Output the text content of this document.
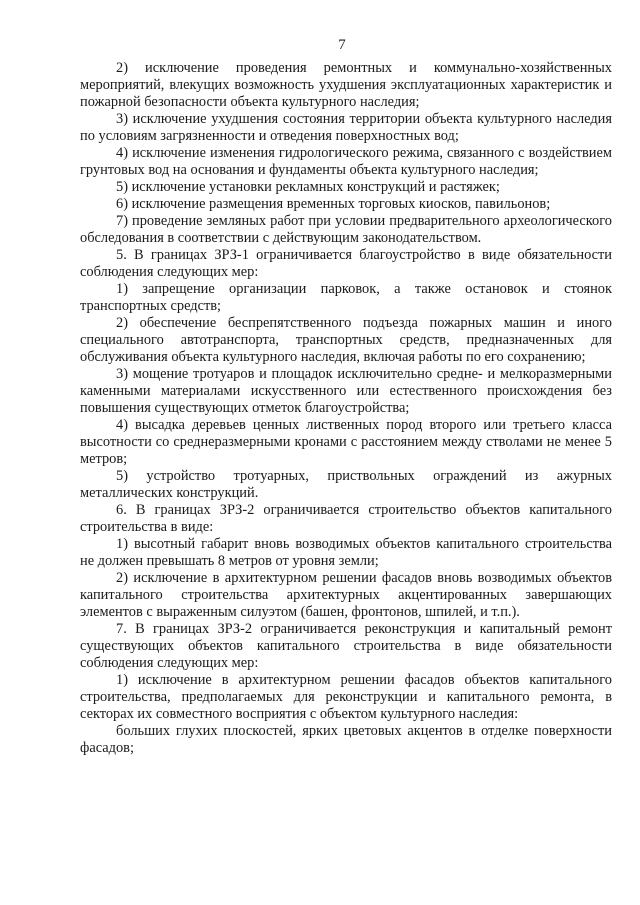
7

2) исключение проведения ремонтных и коммунально-хозяйственных мероприятий, влекущих возможность ухудшения эксплуатационных характеристик и пожарной безопасности объекта культурного наследия;

3) исключение ухудшения состояния территории объекта культурного наследия по условиям загрязненности и отведения поверхностных вод;

4) исключение изменения гидрологического режима, связанного с воздействием грунтовых вод на основания и фундаменты объекта культурного наследия;

5) исключение установки рекламных конструкций и растяжек;

6) исключение размещения временных торговых киосков, павильонов;

7) проведение земляных работ при условии предварительного археологического обследования в соответствии с действующим законодательством.

5. В границах ЗРЗ-1 ограничивается благоустройство в виде обязательности соблюдения следующих мер:

1) запрещение организации парковок, а также остановок и стоянок транспортных средств;

2) обеспечение беспрепятственного подъезда пожарных машин и иного специального автотранспорта, транспортных средств, предназначенных для обслуживания объекта культурного наследия, включая работы по его сохранению;

3) мощение тротуаров и площадок исключительно средне- и мелкоразмерными каменными материалами искусственного или естественного происхождения без повышения существующих отметок благоустройства;

4) высадка деревьев ценных лиственных пород второго или третьего класса высотности со среднеразмерными кронами с расстоянием между стволами не менее 5 метров;

5) устройство тротуарных, приствольных ограждений из ажурных металлических конструкций.

6. В границах ЗРЗ-2 ограничивается строительство объектов капитального строительства в виде:

1) высотный габарит вновь возводимых объектов капитального строительства не должен превышать 8 метров от уровня земли;

2) исключение в архитектурном решении фасадов вновь возводимых объектов капитального строительства архитектурных акцентированных завершающих элементов с выраженным силуэтом (башен, фронтонов, шпилей, и т.п.).

7. В границах ЗРЗ-2 ограничивается реконструкция и капитальный ремонт существующих объектов капитального строительства в виде обязательности соблюдения следующих мер:

1) исключение в архитектурном решении фасадов объектов капитального строительства, предполагаемых для реконструкции и капитального ремонта, в секторах их совместного восприятия с объектом культурного наследия:

больших глухих плоскостей, ярких цветовых акцентов в отделке поверхности фасадов;
